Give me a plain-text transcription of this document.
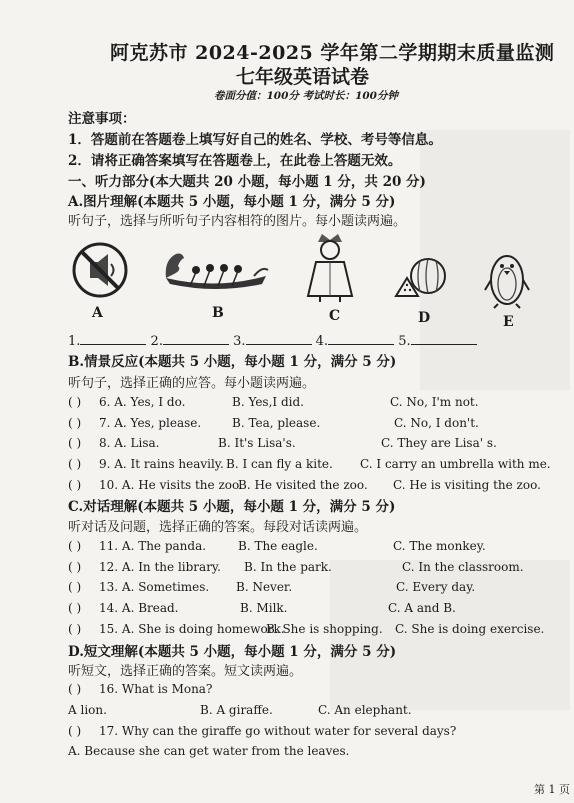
阿克苏市 2024-2025 学年第二学期期末质量监测
七年级英语试卷
卷面分值：100分 考试时长：100分钟
注意事项：
1．答题前在答题卷上填写好自己的姓名、学校、考号等信息。
2．请将正确答案填写在答题卷上，在此卷上答题无效。
一、听力部分(本大题共 20 小题，每小题 1 分，共 20 分)
A.图片理解(本题共 5 小题，每小题 1 分，满分 5 分)
听句子，选择与所听句子内容相符的图片。每小题读两遍。
A	B	C	D	E
1.	2.	3.	4.	5.
B.情景反应(本题共 5 小题，每小题 1 分，满分 5 分)
听句子，选择正确的应答。每小题读两遍。
( ) 6. A. Yes, I do.	B. Yes,I did.	C. No, I'm not.
( ) 7. A. Yes, please.	B. Tea, please.	C. No, I don't.
( ) 8. A. Lisa.	B. It's Lisa's.	C. They are Lisa' s.
( ) 9. A. It rains heavily. B. I can fly a kite. C. I carry an umbrella with me.
( ) 10. A. He visits the zoo.
B. He visited the zoo. C. He is visiting the zoo.
C.对话理解(本题共 5 小题，每小题 1 分，满分 5 分)
听对话及问题，选择正确的答案。每段对话读两遍。
( ) 11. A. The panda.	B. The eagle.	C. The monkey.
( ) 12. A. In the library. B. In the park.	C. In the classroom.
( ) 13. A. Sometimes. B. Never.	C. Every day.
( ) 14. A. Bread.	B. Milk.	C. A and B.
( ) 15. A. She is doing homework.
B. She is shopping. C. She is doing exercise.
D.短文理解(本题共 5 小题，每小题 1 分，满分 5 分)
听短文，选择正确的答案。短文读两遍。
( ) 16. What is Mona?
A lion.	B. A giraffe.	C. An elephant.
( ) 17. Why can the giraffe go without water for several days?
A. Because she can get water from the leaves.
第 1 页
